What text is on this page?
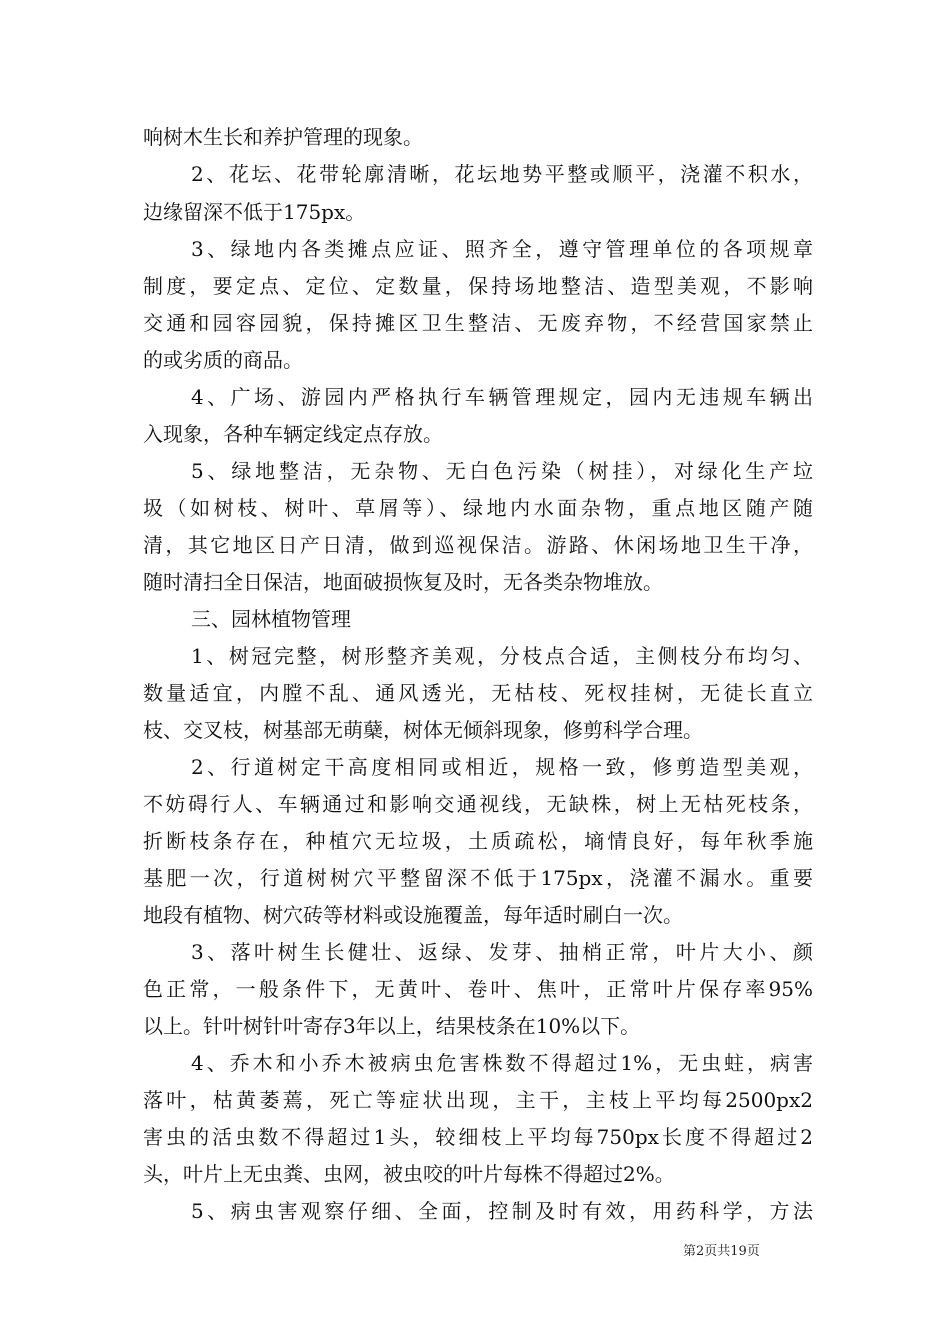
响树木生长和养护管理的现象。
2、花坛、花带轮廓清晰，花坛地势平整或顺平，浇灌不积水，
边缘留深不低于175px。
3、绿地内各类摊点应证、照齐全，遵守管理单位的各项规章
制度，要定点、定位、定数量，保持场地整洁、造型美观，不影响
交通和园容园貌，保持摊区卫生整洁、无废弃物，不经营国家禁止
的或劣质的商品。
4、广场、游园内严格执行车辆管理规定，园内无违规车辆出
入现象，各种车辆定线定点存放。
5、绿地整洁，无杂物、无白色污染（树挂），对绿化生产垃
圾（如树枝、树叶、草屑等）、绿地内水面杂物，重点地区随产随
清，其它地区日产日清，做到巡视保洁。游路、休闲场地卫生干净，
随时清扫全日保洁，地面破损恢复及时，无各类杂物堆放。
三、园林植物管理
1、树冠完整，树形整齐美观，分枝点合适，主侧枝分布均匀、
数量适宜，内膛不乱、通风透光，无枯枝、死杈挂树，无徒长直立
枝、交叉枝，树基部无萌蘖，树体无倾斜现象，修剪科学合理。
2、行道树定干高度相同或相近，规格一致，修剪造型美观，
不妨碍行人、车辆通过和影响交通视线，无缺株，树上无枯死枝条，
折断枝条存在，种植穴无垃圾，土质疏松，墒情良好，每年秋季施
基肥一次，行道树树穴平整留深不低于175px，浇灌不漏水。重要
地段有植物、树穴砖等材料或设施覆盖，每年适时刷白一次。
3、落叶树生长健壮、返绿、发芽、抽梢正常，叶片大小、颜
色正常，一般条件下，无黄叶、卷叶、焦叶，正常叶片保存率95%
以上。针叶树针叶寄存3年以上，结果枝条在10%以下。
4、乔木和小乔木被病虫危害株数不得超过1%，无虫蛀，病害
落叶，枯黄萎蔫，死亡等症状出现，主干，主枝上平均每2500px2
害虫的活虫数不得超过1头，较细枝上平均每750px长度不得超过2
头，叶片上无虫粪、虫网，被虫咬的叶片每株不得超过2%。
5、病虫害观察仔细、全面，控制及时有效，用药科学，方法
第2页共19页
